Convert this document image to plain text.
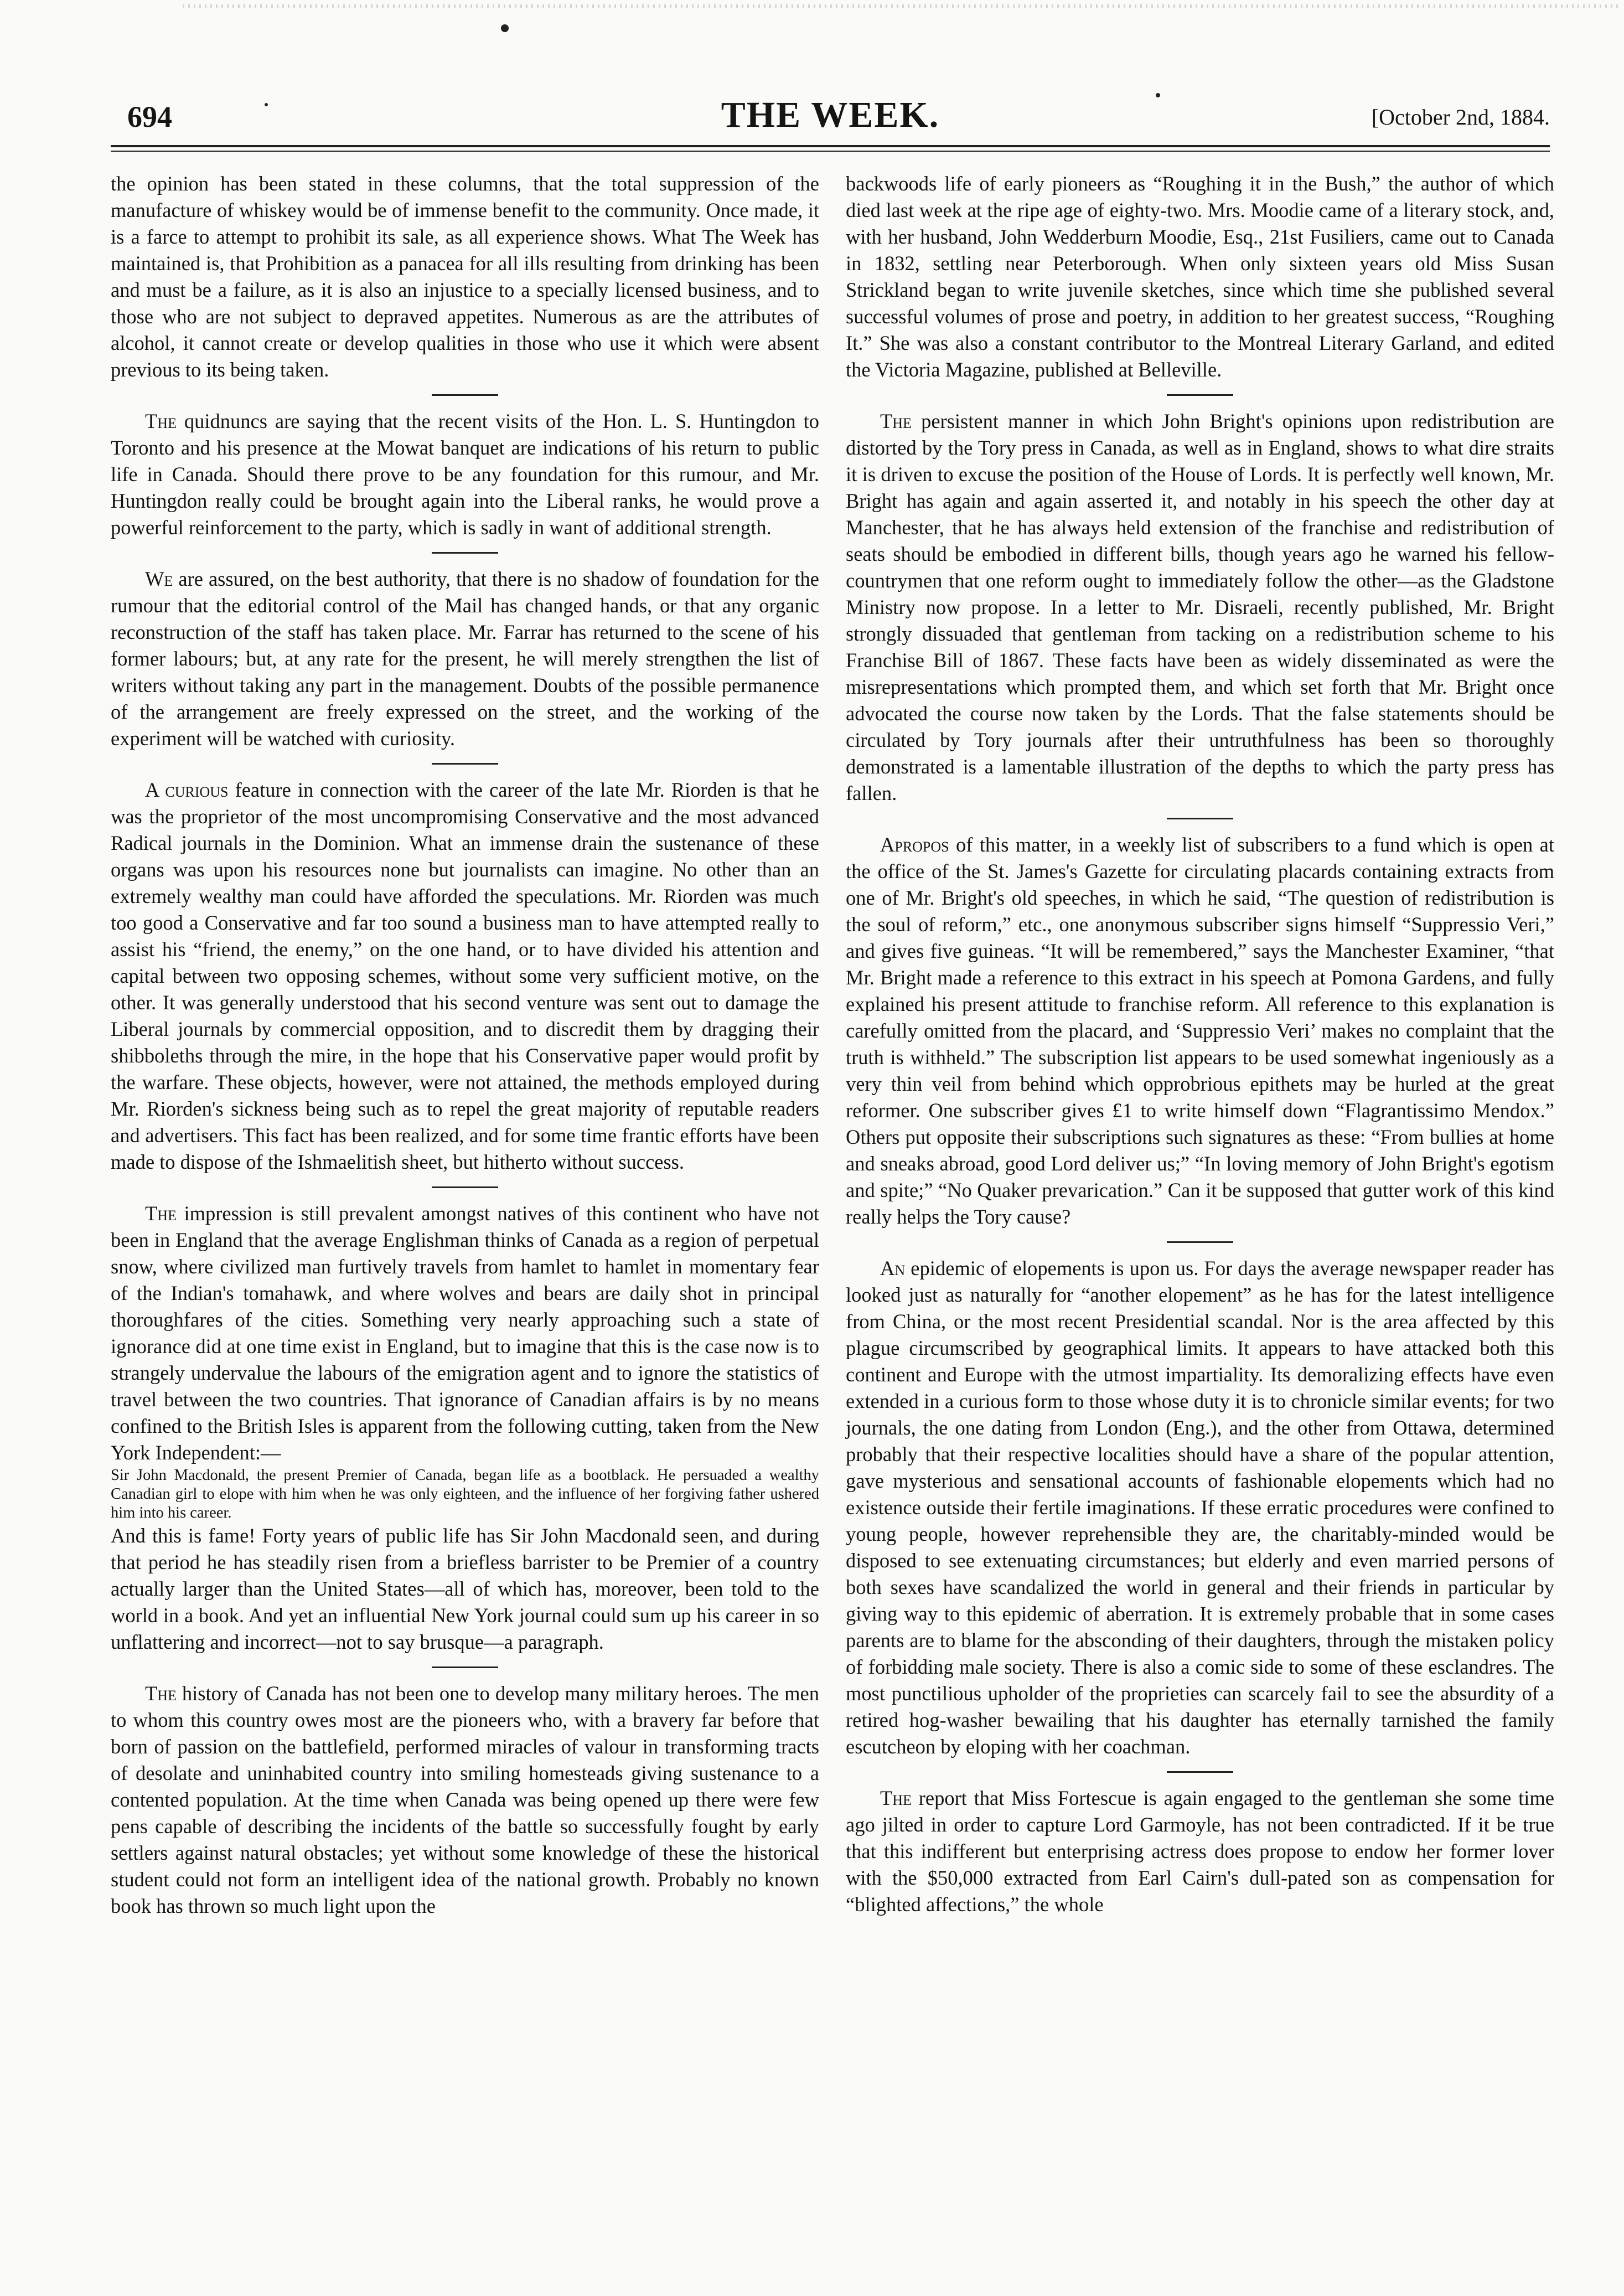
694	THE WEEK.	[October 2nd, 1884.

the opinion has been stated in these columns, that the total suppression of the manufacture of whiskey would be of immense benefit to the community. Once made, it is a farce to attempt to prohibit its sale, as all experience shows. What The Week has maintained is, that Prohibition as a panacea for all ills resulting from drinking has been and must be a failure, as it is also an injustice to a specially licensed business, and to those who are not subject to depraved appetites. Numerous as are the attributes of alcohol, it cannot create or develop qualities in those who use it which were absent previous to its being taken.

The quidnuncs are saying that the recent visits of the Hon. L. S. Huntingdon to Toronto and his presence at the Mowat banquet are indications of his return to public life in Canada. Should there prove to be any foundation for this rumour, and Mr. Huntingdon really could be brought again into the Liberal ranks, he would prove a powerful reinforcement to the party, which is sadly in want of additional strength.

We are assured, on the best authority, that there is no shadow of foundation for the rumour that the editorial control of the Mail has changed hands, or that any organic reconstruction of the staff has taken place. Mr. Farrar has returned to the scene of his former labours; but, at any rate for the present, he will merely strengthen the list of writers without taking any part in the management. Doubts of the possible permanence of the arrangement are freely expressed on the street, and the working of the experiment will be watched with curiosity.

A curious feature in connection with the career of the late Mr. Riorden is that he was the proprietor of the most uncompromising Conservative and the most advanced Radical journals in the Dominion. What an immense drain the sustenance of these organs was upon his resources none but journalists can imagine. No other than an extremely wealthy man could have afforded the speculations. Mr. Riorden was much too good a Conservative and far too sound a business man to have attempted really to assist his “friend, the enemy,” on the one hand, or to have divided his attention and capital between two opposing schemes, without some very sufficient motive, on the other. It was generally understood that his second venture was sent out to damage the Liberal journals by commercial opposition, and to discredit them by dragging their shibboleths through the mire, in the hope that his Conservative paper would profit by the warfare. These objects, however, were not attained, the methods employed during Mr. Riorden's sickness being such as to repel the great majority of reputable readers and advertisers. This fact has been realized, and for some time frantic efforts have been made to dispose of the Ishmaelitish sheet, but hitherto without success.

The impression is still prevalent amongst natives of this continent who have not been in England that the average Englishman thinks of Canada as a region of perpetual snow, where civilized man furtively travels from hamlet to hamlet in momentary fear of the Indian's tomahawk, and where wolves and bears are daily shot in principal thoroughfares of the cities. Something very nearly approaching such a state of ignorance did at one time exist in England, but to imagine that this is the case now is to strangely undervalue the labours of the emigration agent and to ignore the statistics of travel between the two countries. That ignorance of Canadian affairs is by no means confined to the British Isles is apparent from the following cutting, taken from the New York Independent:—

Sir John Macdonald, the present Premier of Canada, began life as a bootblack. He persuaded a wealthy Canadian girl to elope with him when he was only eighteen, and the influence of her forgiving father ushered him into his career.

And this is fame! Forty years of public life has Sir John Macdonald seen, and during that period he has steadily risen from a briefless barrister to be Premier of a country actually larger than the United States—all of which has, moreover, been told to the world in a book. And yet an influential New York journal could sum up his career in so unflattering and incorrect—not to say brusque—a paragraph.

The history of Canada has not been one to develop many military heroes. The men to whom this country owes most are the pioneers who, with a bravery far before that born of passion on the battlefield, performed miracles of valour in transforming tracts of desolate and uninhabited country into smiling homesteads giving sustenance to a contented population. At the time when Canada was being opened up there were few pens capable of describing the incidents of the battle so successfully fought by early settlers against natural obstacles; yet without some knowledge of these the historical student could not form an intelligent idea of the national growth. Probably no known book has thrown so much light upon the

backwoods life of early pioneers as “Roughing it in the Bush,” the author of which died last week at the ripe age of eighty-two. Mrs. Moodie came of a literary stock, and, with her husband, John Wedderburn Moodie, Esq., 21st Fusiliers, came out to Canada in 1832, settling near Peterborough. When only sixteen years old Miss Susan Strickland began to write juvenile sketches, since which time she published several successful volumes of prose and poetry, in addition to her greatest success, “Roughing It.” She was also a constant contributor to the Montreal Literary Garland, and edited the Victoria Magazine, published at Belleville.

The persistent manner in which John Bright's opinions upon redistribution are distorted by the Tory press in Canada, as well as in England, shows to what dire straits it is driven to excuse the position of the House of Lords. It is perfectly well known, Mr. Bright has again and again asserted it, and notably in his speech the other day at Manchester, that he has always held extension of the franchise and redistribution of seats should be embodied in different bills, though years ago he warned his fellow-countrymen that one reform ought to immediately follow the other—as the Gladstone Ministry now propose. In a letter to Mr. Disraeli, recently published, Mr. Bright strongly dissuaded that gentleman from tacking on a redistribution scheme to his Franchise Bill of 1867. These facts have been as widely disseminated as were the misrepresentations which prompted them, and which set forth that Mr. Bright once advocated the course now taken by the Lords. That the false statements should be circulated by Tory journals after their untruthfulness has been so thoroughly demonstrated is a lamentable illustration of the depths to which the party press has fallen.

Apropos of this matter, in a weekly list of subscribers to a fund which is open at the office of the St. James's Gazette for circulating placards containing extracts from one of Mr. Bright's old speeches, in which he said, “The question of redistribution is the soul of reform,” etc., one anonymous subscriber signs himself “Suppressio Veri,” and gives five guineas. “It will be remembered,” says the Manchester Examiner, “that Mr. Bright made a reference to this extract in his speech at Pomona Gardens, and fully explained his present attitude to franchise reform. All reference to this explanation is carefully omitted from the placard, and ‘Suppressio Veri’ makes no complaint that the truth is withheld.” The subscription list appears to be used somewhat ingeniously as a very thin veil from behind which opprobrious epithets may be hurled at the great reformer. One subscriber gives £1 to write himself down “Flagrantissimo Mendox.” Others put opposite their subscriptions such signatures as these: “From bullies at home and sneaks abroad, good Lord deliver us;” “In loving memory of John Bright's egotism and spite;” “No Quaker prevarication.” Can it be supposed that gutter work of this kind really helps the Tory cause?

An epidemic of elopements is upon us. For days the average newspaper reader has looked just as naturally for “another elopement” as he has for the latest intelligence from China, or the most recent Presidential scandal. Nor is the area affected by this plague circumscribed by geographical limits. It appears to have attacked both this continent and Europe with the utmost impartiality. Its demoralizing effects have even extended in a curious form to those whose duty it is to chronicle similar events; for two journals, the one dating from London (Eng.), and the other from Ottawa, determined probably that their respective localities should have a share of the popular attention, gave mysterious and sensational accounts of fashionable elopements which had no existence outside their fertile imaginations. If these erratic procedures were confined to young people, however reprehensible they are, the charitably-minded would be disposed to see extenuating circumstances; but elderly and even married persons of both sexes have scandalized the world in general and their friends in particular by giving way to this epidemic of aberration. It is extremely probable that in some cases parents are to blame for the absconding of their daughters, through the mistaken policy of forbidding male society. There is also a comic side to some of these esclandres. The most punctilious upholder of the proprieties can scarcely fail to see the absurdity of a retired hog-washer bewailing that his daughter has eternally tarnished the family escutcheon by eloping with her coachman.

The report that Miss Fortescue is again engaged to the gentleman she some time ago jilted in order to capture Lord Garmoyle, has not been contradicted. If it be true that this indifferent but enterprising actress does propose to endow her former lover with the $50,000 extracted from Earl Cairn's dull-pated son as compensation for “blighted affections,” the whole
